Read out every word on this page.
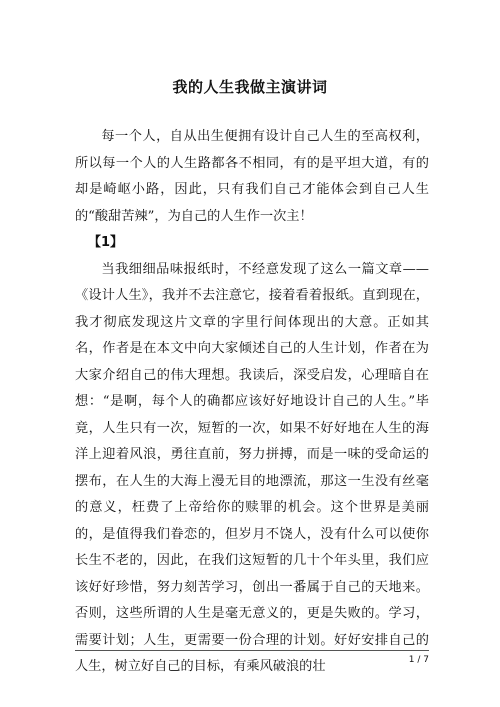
我的人生我做主演讲词

每一个人，自从出生便拥有设计自己人生的至高权利，所以每一个人的人生路都各不相同，有的是平坦大道，有的却是崎岖小路，因此，只有我们自己才能体会到自己人生的“酸甜苦辣”，为自己的人生作一次主！

【1】

当我细细品味报纸时，不经意发现了这么一篇文章——《设计人生》，我并不去注意它，接着看着报纸。直到现在，我才彻底发现这片文章的字里行间体现出的大意。正如其名，作者是在本文中向大家倾述自己的人生计划，作者在为大家介绍自己的伟大理想。我读后，深受启发，心理暗自在想：“是啊，每个人的确都应该好好地设计自己的人生。”毕竟，人生只有一次，短暂的一次，如果不好好地在人生的海洋上迎着风浪，勇往直前，努力拼搏，而是一味的受命运的摆布，在人生的大海上漫无目的地漂流，那这一生没有丝毫的意义，枉费了上帝给你的赎罪的机会。这个世界是美丽的，是值得我们眷恋的，但岁月不饶人，没有什么可以使你长生不老的，因此，在我们这短暂的几十个年头里，我们应该好好珍惜，努力刻苦学习，创出一番属于自己的天地来。否则，这些所谓的人生是毫无意义的，更是失败的。学习，需要计划；人生，更需要一份合理的计划。好好安排自己的人生，树立好自己的目标，有乘风破浪的壮	1 / 7
